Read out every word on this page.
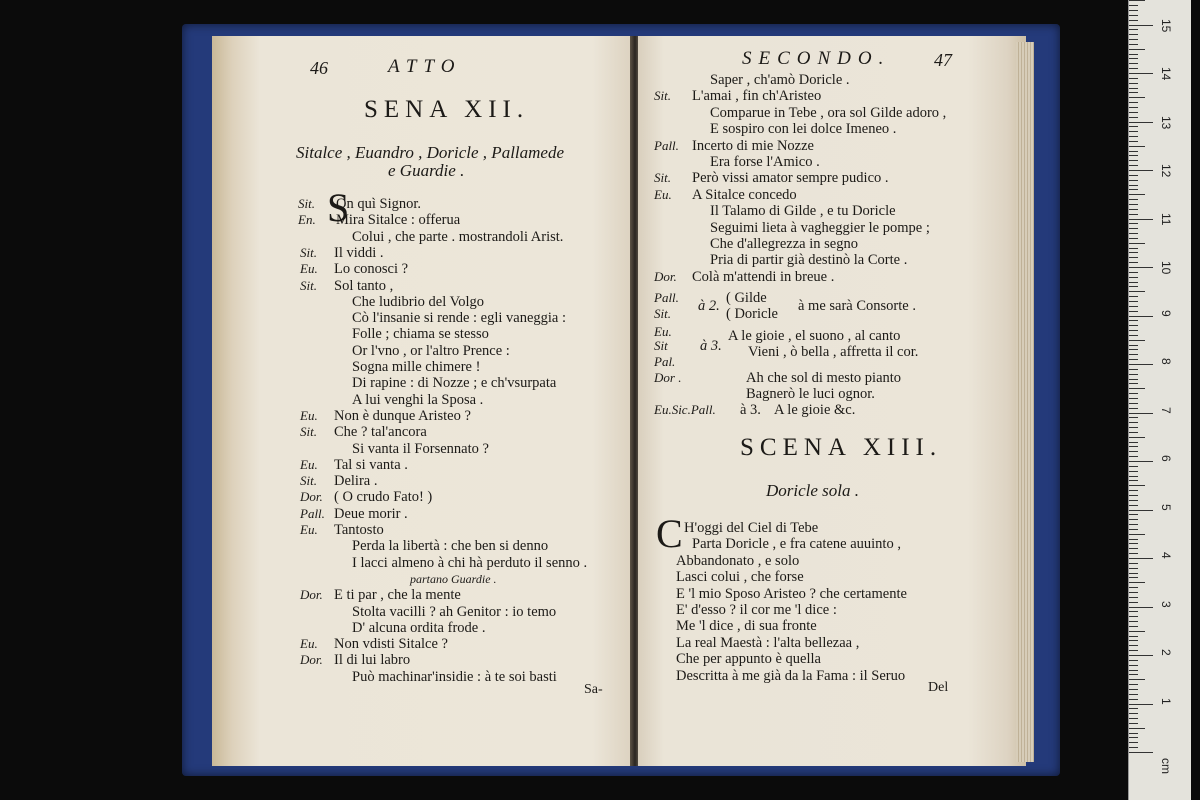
46	ATTO
SENA XII.
Sitalce , Euandro , Doricle , Pallamede
e Guardie .
S
Sit. On quì Signor.
En. Mira Sitalce : offerua
Colui , che parte . mostrandoli Arist.
Sit. Il viddi .
Eu. Lo conosci ?
Sit. Sol tanto ,
Che ludibrio del Volgo
Cò l'insanie si rende : egli vaneggia :
Folle ; chiama se stesso
Or l'vno , or l'altro Prence :
Sogna mille chimere !
Di rapine : di Nozze ; e ch'vsurpata
A lui venghi la Sposa .
Eu. Non è dunque Aristeo ?
Sit. Che ? tal'ancora
Si vanta il Forsennato ?
Eu. Tal si vanta .
Sit. Delira .
Dor. ( O crudo Fato! )
Pall. Deue morir .
Eu. Tantosto
Perda la libertà : che ben si denno
I lacci almeno à chi hà perduto il senno .
partano Guardie .
Dor. E ti par , che la mente
Stolta vacilli ? ah Genitor : io temo
D' alcuna ordita frode .
Eu. Non vdisti Sitalce ?
Dor. Il di lui labro
Può machinar'insidie : à te soi basti
Sa-
SECONDO. 47
Saper , ch'amò Doricle .
Sit. L'amai , fin ch'Aristeo
Comparue in Tebe , ora sol Gilde adoro ,
E sospiro con lei dolce Imeneo .
Pall. Incerto di mie Nozze
Era forse l'Amico .
Sit. Però vissi amator sempre pudico .
Eu. A Sitalce concedo
Il Talamo di Gilde , e tu Doricle
Seguimi lieta à vagheggier le pompe ;
Che d'allegrezza in segno
Pria di partir già destinò la Corte .
Dor. Colà m'attendi in breue .
Pall.
Sit. à 2. ( Gilde
( Doricle à me sarà Consorte .
Eu.
Sit
Pal.
à 3.
A le gioie , el suono , al canto
Vieni , ò bella , affretta il cor.
Dor .	Ah che sol di mesto pianto
Bagnerò le luci ognor.
Eu.Sic.Pall. à 3. A le gioie &c.
SCENA XIII.
Doricle sola .
C H'oggi del Ciel di Tebe
Parta Doricle , e fra catene auuinto ,
Abbandonato , e solo
Lasci colui , che forse
E 'l mio Sposo Aristeo ? che certamente
E' d'esso ? il cor me 'l dice :
Me 'l dice , di sua fronte
La real Maestà : l'alta bellezaa ,
Che per appunto è quella
Descritta à me già da la Fama : il Seruo
Del
1
2
3
4
5
6
7
8
9
10
11
12
13
14
15
cm
